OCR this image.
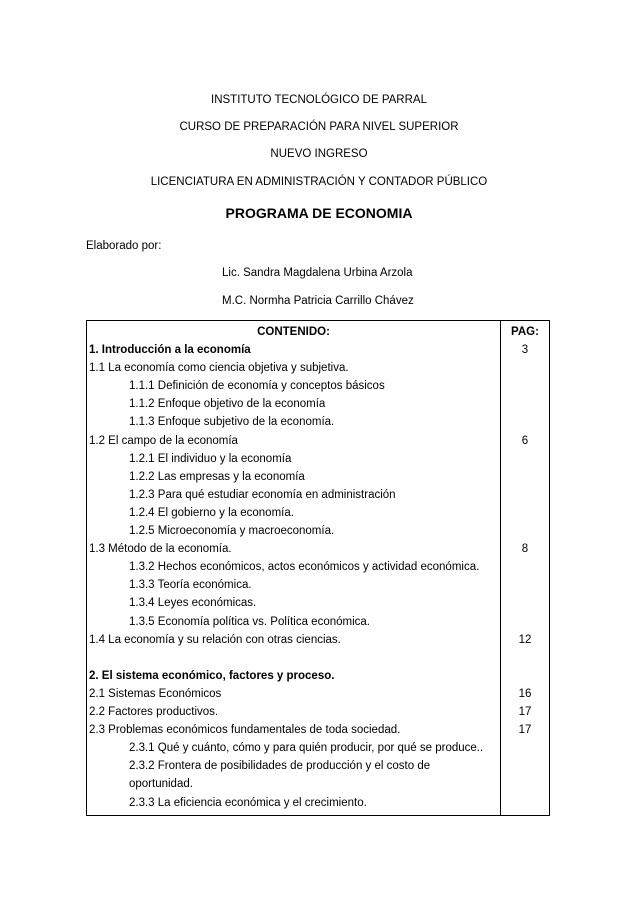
INSTITUTO TECNOLÓGICO DE PARRAL
CURSO DE PREPARACIÓN PARA NIVEL SUPERIOR
NUEVO INGRESO
LICENCIATURA EN ADMINISTRACIÓN Y CONTADOR PÚBLICO
PROGRAMA DE ECONOMIA
Elaborado por:
Lic. Sandra Magdalena Urbina Arzola
M.C. Normha Patricia Carrillo Chávez
CONTENIDO:	PAG:
1. Introducción a la economía	3
1.1 La economía como ciencia objetiva y subjetiva.
1.1.1 Definición de economía y conceptos básicos
1.1.2 Enfoque objetivo de la economía
1.1.3 Enfoque subjetivo de la economía.
1.2 El campo de la economía	6
1.2.1 El individuo y la economía
1.2.2 Las empresas y la economía
1.2.3 Para qué estudiar economía en administración
1.2.4 El gobierno y la economía.
1.2.5 Microeconomía y macroeconomía.
1.3 Método de la economía.	8
1.3.2 Hechos económicos, actos económicos y actividad económica.
1.3.3 Teoría económica.
1.3.4 Leyes económicas.
1.3.5 Economía política vs. Política económica.
1.4 La economía y su relación con otras ciencias.	12
2. El sistema económico, factores y proceso.
2.1 Sistemas Económicos	16
2.2 Factores productivos.	17
2.3 Problemas económicos fundamentales de toda sociedad.	17
2.3.1 Qué y cuánto, cómo y para quién producir, por qué se produce..
2.3.2 Frontera de posibilidades de producción y el costo de
oportunidad.
2.3.3 La eficiencia económica y el crecimiento.
